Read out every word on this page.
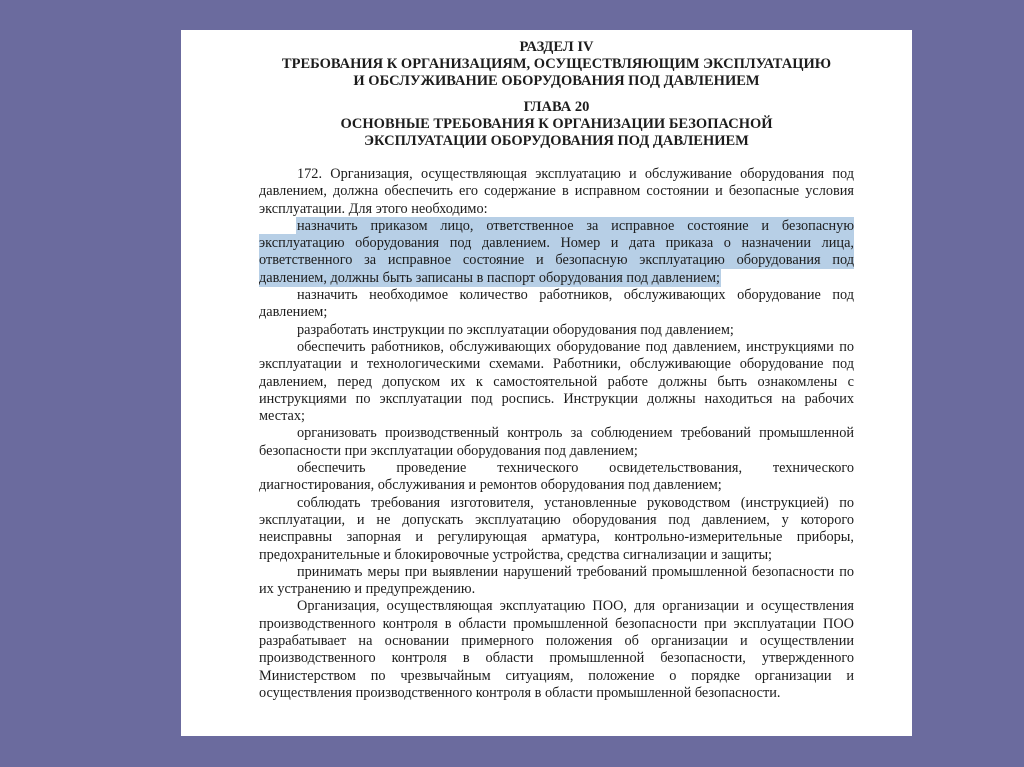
РАЗДЕЛ IV
ТРЕБОВАНИЯ К ОРГАНИЗАЦИЯМ, ОСУЩЕСТВЛЯЮЩИМ ЭКСПЛУАТАЦИЮ
И ОБСЛУЖИВАНИЕ ОБОРУДОВАНИЯ ПОД ДАВЛЕНИЕМ
ГЛАВА 20
ОСНОВНЫЕ ТРЕБОВАНИЯ К ОРГАНИЗАЦИИ БЕЗОПАСНОЙ
ЭКСПЛУАТАЦИИ ОБОРУДОВАНИЯ ПОД ДАВЛЕНИЕМ

172. Организация, осуществляющая эксплуатацию и обслуживание оборудования под давлением, должна обеспечить его содержание в исправном состоянии и безопасные условия эксплуатации. Для этого необходимо:

назначить приказом лицо, ответственное за исправное состояние и безопасную эксплуатацию оборудования под давлением. Номер и дата приказа о назначении лица, ответственного за исправное состояние и безопасную эксплуатацию оборудования под давлением, должны быть записаны в паспорт оборудования под давлением;

назначить необходимое количество работников, обслуживающих оборудование под давлением;

разработать инструкции по эксплуатации оборудования под давлением;

обеспечить работников, обслуживающих оборудование под давлением, инструкциями по эксплуатации и технологическими схемами. Работники, обслуживающие оборудование под давлением, перед допуском их к самостоятельной работе должны быть ознакомлены с инструкциями по эксплуатации под роспись. Инструкции должны находиться на рабочих местах;

организовать производственный контроль за соблюдением требований промышленной безопасности при эксплуатации оборудования под давлением;

обеспечить проведение технического освидетельствования, технического диагностирования, обслуживания и ремонтов оборудования под давлением;

соблюдать требования изготовителя, установленные руководством (инструкцией) по эксплуатации, и не допускать эксплуатацию оборудования под давлением, у которого неисправны запорная и регулирующая арматура, контрольно-измерительные приборы, предохранительные и блокировочные устройства, средства сигнализации и защиты;

принимать меры при выявлении нарушений требований промышленной безопасности по их устранению и предупреждению.

Организация, осуществляющая эксплуатацию ПОО, для организации и осуществления производственного контроля в области промышленной безопасности при эксплуатации ПОО разрабатывает на основании примерного положения об организации и осуществлении производственного контроля в области промышленной безопасности, утвержденного Министерством по чрезвычайным ситуациям, положение о порядке организации и осуществления производственного контроля в области промышленной безопасности.
